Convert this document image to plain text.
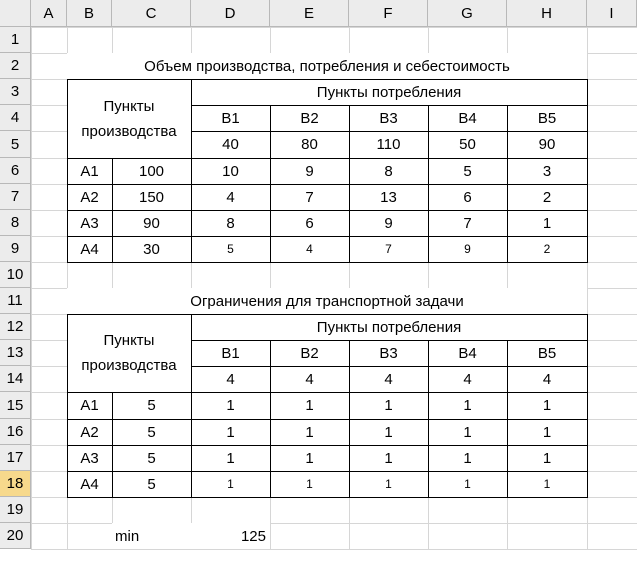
A	B	C	D	E	F	G	H	I
1
2
3
4
5
6
7
8
9
10
11
12
13
14
15
16
17
18
19
20
Объем производства, потребления и себестоимость
Пункты производства
Пункты потребления
B1	B2	B3	B4	B5
40	80	110	50	90
A1	100	10	9	8	5	3
A2	150	4	7	13	6	2
A3	90	8	6	9	7	1
A4	30	5	4	7	9	2
Ограничения для транспортной задачи
Пункты производства
Пункты потребления
B1	B2	B3	B4	B5
4	4	4	4	4
A1	5	1	1	1	1	1
A2	5	1	1	1	1	1
A3	5	1	1	1	1	1
A4	5	1	1	1	1	1
min	125
